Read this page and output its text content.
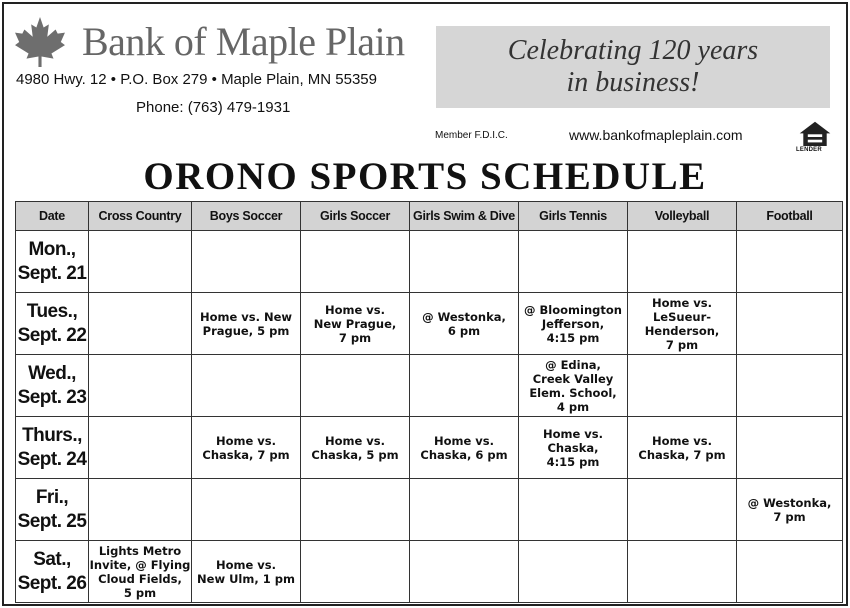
Bank of Maple Plain
4980 Hwy. 12 • P.O. Box 279 • Maple Plain, MN 55359
Phone: (763) 479-1931
Celebrating 120 years
in business!
Member F.D.I.C.	www.bankofmapleplain.com
LENDER
ORONO SPORTS SCHEDULE
Date	Cross Country	Boys Soccer	Girls Soccer	Girls Swim & Dive	Girls Tennis	Volleyball	Football

Mon.,
Sept. 21							

Tues.,
Sept. 22		Home vs. New
Prague, 5 pm	Home vs.
New Prague,
7 pm	@ Westonka,
6 pm	@ Bloomington
Jefferson,
4:15 pm	Home vs.
LeSueur-
Henderson,
7 pm	

Wed.,
Sept. 23					@ Edina,
Creek Valley
Elem. School,
4 pm		

Thurs.,
Sept. 24		Home vs.
Chaska, 7 pm	Home vs.
Chaska, 5 pm	Home vs.
Chaska, 6 pm	Home vs.
Chaska,
4:15 pm	Home vs.
Chaska, 7 pm	

Fri.,
Sept. 25							@ Westonka,
7 pm

Sat.,
Sept. 26	Lights Metro
Invite, @ Flying
Cloud Fields,
5 pm	Home vs.
New Ulm, 1 pm					
